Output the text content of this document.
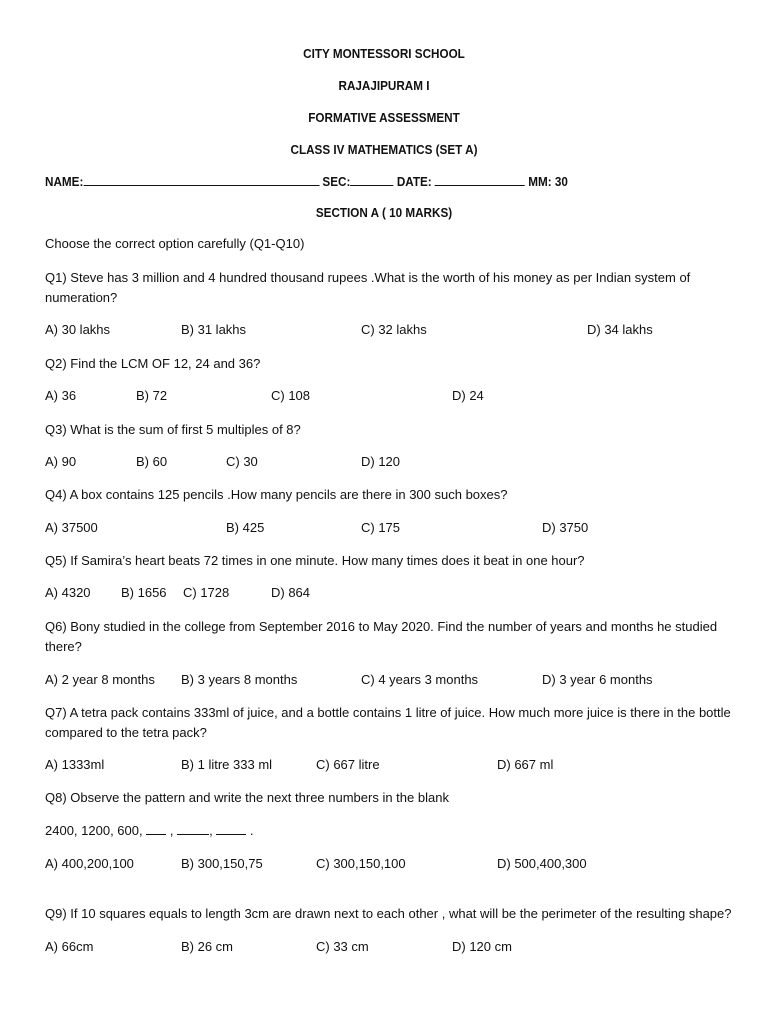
CITY MONTESSORI SCHOOL
RAJAJIPURAM I
FORMATIVE ASSESSMENT
CLASS IV MATHEMATICS (SET A)
NAME:	SEC:	DATE:	MM: 30
SECTION A ( 10 MARKS)
Choose the correct option carefully (Q1-Q10)
Q1) Steve has 3 million and 4 hundred thousand rupees .What is the worth of his money as per Indian system of numeration?
A) 30 lakhs	B) 31 lakhs	C) 32 lakhs	D) 34 lakhs
Q2) Find the LCM OF 12, 24 and 36?
A) 36	B) 72	C) 108	D) 24
Q3) What is the sum of first 5 multiples of 8?
A) 90	B) 60	C) 30	D) 120
Q4) A box contains 125 pencils .How many pencils are there in 300 such boxes?
A) 37500	B) 425	C) 175	D) 3750
Q5) If Samira’s heart beats 72 times in one minute. How many times does it beat in one hour?
A) 4320 B) 1656 C) 1728	D) 864
Q6) Bony studied in the college from September 2016 to May 2020. Find the number of years and months he studied there?
A) 2 year 8 months B) 3 years 8 months	C) 4 years 3 months	D) 3 year 6 months
Q7) A tetra pack contains 333ml of juice, and a bottle contains 1 litre of juice. How much more juice is there in the bottle compared to the tetra pack?
A) 1333ml	B) 1 litre 333 ml	C) 667 litre	D) 667 ml
Q8) Observe the pattern and write the next three numbers in the blank
2400, 1200, 600,  , ,  .
A) 400,200,100	B) 300,150,75	C) 300,150,100	D) 500,400,300
Q9) If 10 squares equals to length 3cm are drawn next to each other , what will be the perimeter of the resulting shape?
A) 66cm	B) 26 cm	C) 33 cm	D) 120 cm
